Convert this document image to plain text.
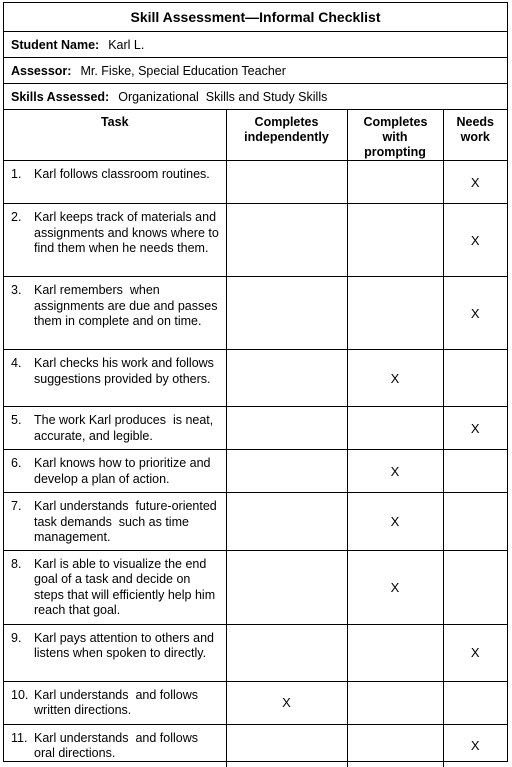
Skill Assessment—Informal Checklist
Student Name: Karl L.
Assessor: Mr. Fiske, Special Education Teacher
Skills Assessed: Organizational  Skills and Study Skills
Task	Completes independently	Completes with prompting	Needs work

1. Karl follows classroom routines.			X

2. Karl keeps track of materials and assignments and knows where to find them when he needs them.			X

3. Karl remembers  when assignments are due and passes them in complete and on time.			X

4. Karl checks his work and follows suggestions provided by others.		X	

5. The work Karl produces  is neat, accurate, and legible.			X

6. Karl knows how to prioritize and develop a plan of action.		X	

7. Karl understands  future-oriented task demands  such as time management.		X	

8. Karl is able to visualize the end goal of a task and decide on steps that will efficiently help him reach that goal.		X	

9. Karl pays attention to others and listens when spoken to directly.			X

10. Karl understands  and follows written directions.	X		

11. Karl understands  and follows oral directions.			X
